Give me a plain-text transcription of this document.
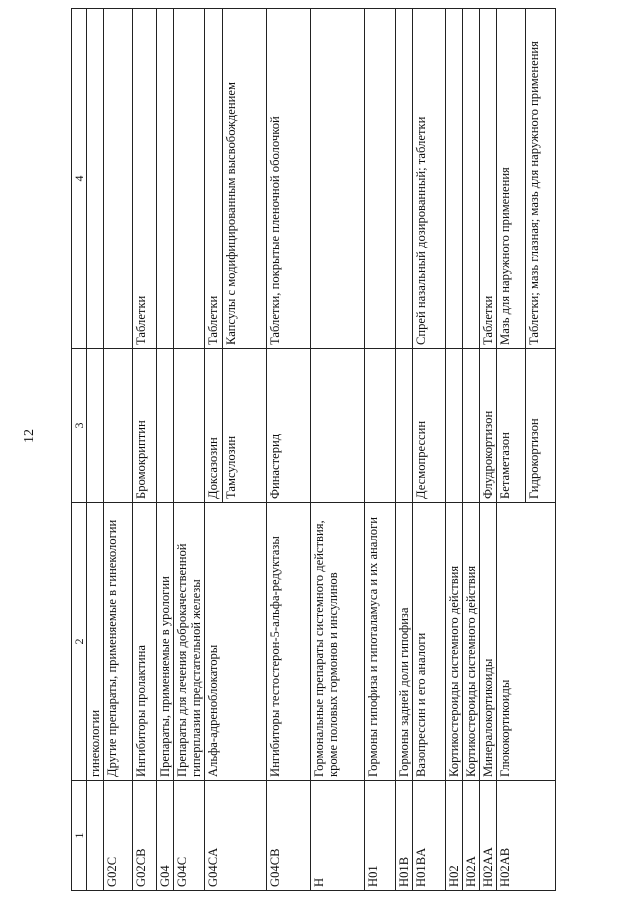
12
1	2	3	4
	гинекологии		
G02C	Другие препараты, применяемые в гинекологии		
G02CB	Ингибиторы пролактина	Бромокриптин	Таблетки
G04	Препараты, применяемые в урологии		
G04C	Препараты для лечения доброкачественной гиперплазии предстательной железы		
G04CA	Альфа-адреноблокаторы	Доксазозин	Таблетки
		Тамсулозин	Капсулы с модифицированным высвобождением
G04CB	Ингибиторы тестостерон-5-альфа-редуктазы	Финастерид	Таблетки, покрытые пленочной оболочкой
H	Гормональные препараты системного действия, кроме половых гормонов и инсулинов		
H01	Гормоны гипофиза и гипоталамуса и их аналоги		
H01B	Гормоны задней доли гипофиза		
H01BA	Вазопрессин и его аналоги	Десмопрессин	Спрей назальный дозированный; таблетки
H02	Кортикостероиды системного действия		
H02A	Кортикостероиды системного действия		
H02AA	Минералокортикоиды	Флудрокортизон	Таблетки
H02AB	Глюкокортикоиды	Бетаметазон	Мазь для наружного применения
		Гидрокортизон	Таблетки; мазь глазная; мазь для наружного применения
